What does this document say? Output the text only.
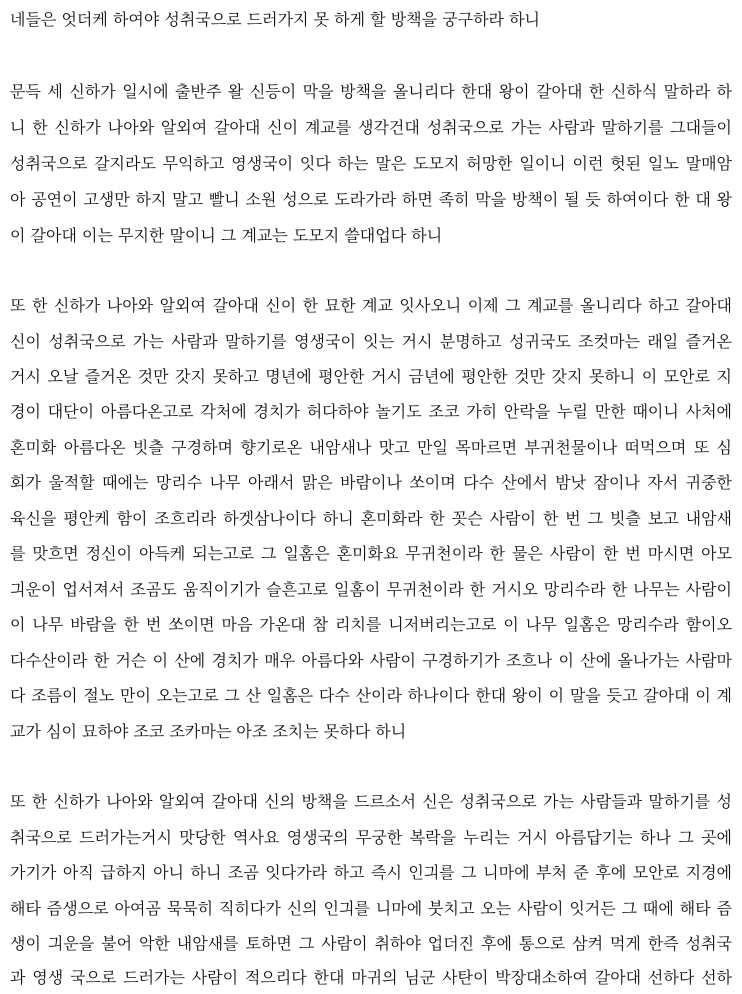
네들은 엇더케 하여야 성취국으로 드러가지 못 하게 할 방책을 궁구하라 하니
문득 세 신하가 일시에 출반주 왈 신등이 막을 방책을 올니리다 한대 왕이 갈아대 한 신하식 말하라 하
니 한 신하가 나아와 알외여 갈아대 신이 계교를 생각건대 성취국으로 가는 사람과 말하기를 그대들이
성취국으로 갈지라도 무익하고 영생국이 잇다 하는 말은 도모지 허망한 일이니 이런 헛된 일노 말매암
아 공연이 고생만 하지 말고 빨니 소원 성으로 도라가라 하면 족히 막을 방책이 될 듯 하여이다 한 대 왕
이 갈아대 이는 무지한 말이니 그 계교는 도모지 쓸대업다 하니
또 한 신하가 나아와 알외여 갈아대 신이 한 묘한 계교 잇사오니 이제 그 계교를 올니리다 하고 갈아대
신이 성취국으로 가는 사람과 말하기를 영생국이 잇는 거시 분명하고 성귀국도 조컷마는 래일 즐거온
거시 오날 즐거온 것만 갓지 못하고 명년에 평안한 거시 금년에 평안한 것만 갓지 못하니 이 모안로 지
경이 대단이 아름다온고로 각처에 경치가 허다하야 놀기도 조코 가히 안락을 누릴 만한 때이니 사처에
혼미화 아름다온 빗츨 구경하며 향기로온 내암새나 맛고 만일 목마르면 부귀천물이나 떠먹으며 또 심
회가 울적할 때에는 망리수 나무 아래서 맑은 바람이나 쏘이며 다수 산에서 밤낫 잠이나 자서 귀중한
육신을 평안케 함이 조흐리라 하겟삼나이다 하니 혼미화라 한 꼿슨 사람이 한 번 그 빗츨 보고 내암새
를 맛흐면 정신이 아득케 되는고로 그 일홈은 혼미화요 무귀천이라 한 물은 사람이 한 번 마시면 아모
긔운이 업서져서 조곰도 움직이기가 슬흔고로 일홈이 무귀천이라 한 거시오 망리수라 한 나무는 사람이
이 나무 바람을 한 번 쏘이면 마음 가온대 참 리치를 니저버리는고로 이 나무 일홈은 망리수라 함이오
다수산이라 한 거슨 이 산에 경치가 매우 아름다와 사람이 구경하기가 조흐나 이 산에 올나가는 사람마
다 조름이 절노 만이 오는고로 그 산 일홈은 다수 산이라 하나이다 한대 왕이 이 말을 듯고 갈아대 이 계
교가 심이 묘하야 조코 조카마는 아조 조치는 못하다 하니
또 한 신하가 나아와 알외여 갈아대 신의 방책을 드르소서 신은 성취국으로 가는 사람들과 말하기를 성
취국으로 드러가는거시 맛당한 역사요 영생국의 무궁한 복락을 누리는 거시 아름답기는 하나 그 곳에
가기가 아직 급하지 아니 하니 조곰 잇다가라 하고 즉시 인긔를 그 니마에 부처 준 후에 모안로 지경에
해타 즘생으로 아여곰 묵묵히 직히다가 신의 인긔를 니마에 붓치고 오는 사람이 잇거든 그 때에 해타 즘
생이 긔운을 불어 악한 내암새를 토하면 그 사람이 취하야 업더진 후에 통으로 삼켜 먹게 한즉 성취국
과 영생 국으로 드러가는 사람이 적으리다 한대 마귀의 님군 사탄이 박장대소하여 갈아대 선하다 선하
